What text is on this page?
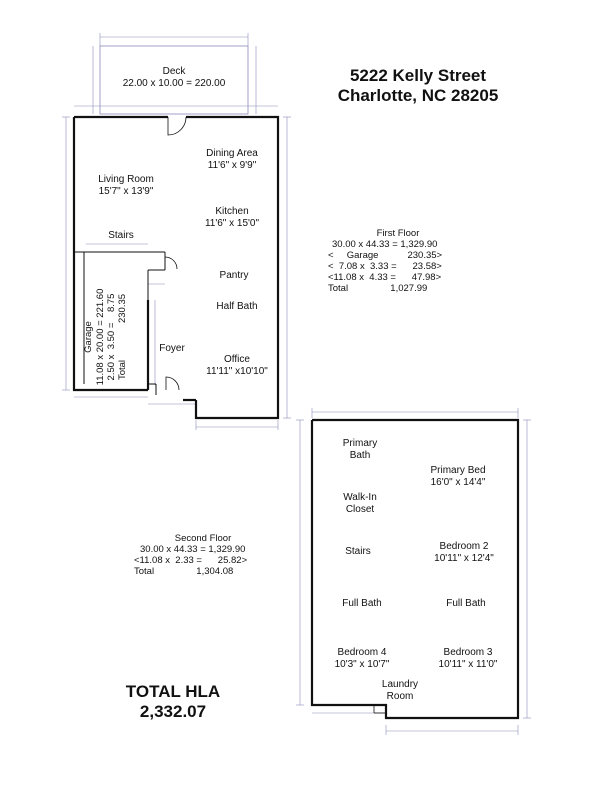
5222 Kelly Street
Charlotte, NC 28205
Deck
22.00 x 10.00 = 220.00
Dining Area
11'6" x 9'9"
Living Room
15'7" x 13'9"
Kitchen
11'6" x 15'0"
Stairs
Pantry
Half Bath
Foyer
Office
11'11" x10'10"
Garage 11.08 x 20.00 = 221.60 2.50 x  3.50 =    8.75 Total              230.35
First Floor
30.00 x 44.33 = 1,329.90
<     Garage           230.35>
<  7.08 x  3.33 =      23.58>
<11.08 x  4.33 =      47.98>
Total                1,027.99
Primary
Bath
Primary Bed
16'0" x 14'4"
Walk-In
Closet
Stairs	Bedroom 2
10'11" x 12'4"
Full Bath	Full Bath
Bedroom 4
10'3" x 10'7"
Bedroom 3
10'11" x 11'0"
Laundry
Room
Second Floor
30.00 x 44.33 = 1,329.90
<11.08 x  2.33 =      25.82>
Total                1,304.08
TOTAL HLA
2,332.07
